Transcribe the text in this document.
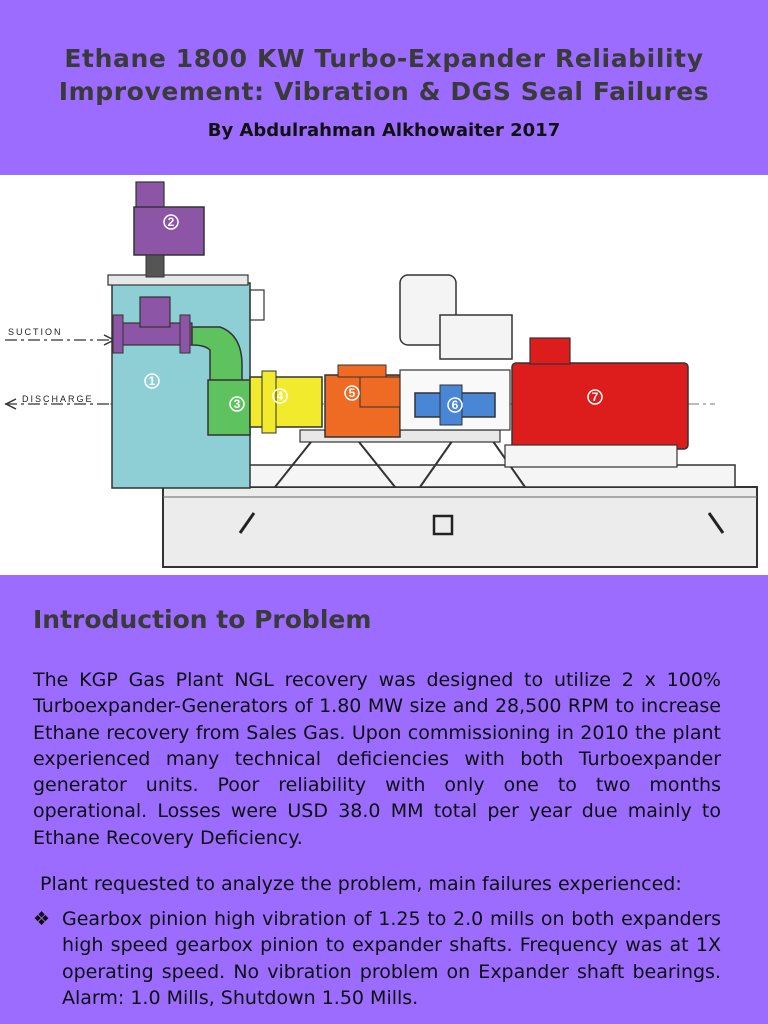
Ethane 1800 KW Turbo-Expander Reliability
Improvement: Vibration & DGS Seal Failures
By Abdulrahman Alkhowaiter 2017
SUCTION
DISCHARGE
1
2
3
4	5
6
7
Introduction to Problem
The KGP Gas Plant NGL recovery was designed to utilize 2 x 100% Turboexpander-Generators of 1.80 MW size and 28,500 RPM to increase Ethane recovery from Sales Gas. Upon commissioning in 2010 the plant experienced many technical deficiencies with both Turboexpander generator units. Poor reliability with only one to two months operational. Losses were USD 38.0 MM total per year due mainly to Ethane Recovery Deficiency.
Plant requested to analyze the problem, main failures experienced:
❖ Gearbox pinion high vibration of 1.25 to 2.0 mills on both expanders high speed gearbox pinion to expander shafts. Frequency was at 1X operating speed. No vibration problem on Expander shaft bearings. Alarm: 1.0 Mills, Shutdown 1.50 Mills.
